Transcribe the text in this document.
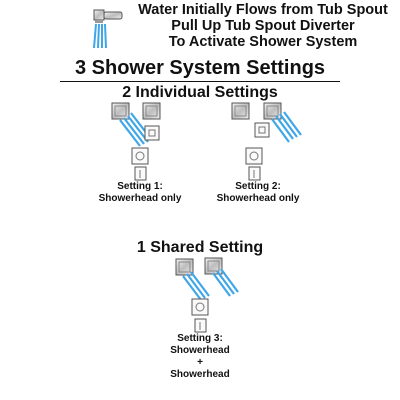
Water Initially Flows from Tub Spout
Pull Up Tub Spout Diverter
To Activate Shower System
3 Shower System Settings
2 Individual Settings
Setting 1:
Showerhead only
Setting 2:
Showerhead only
1 Shared Setting
Setting 3:
Showerhead
+
Showerhead
